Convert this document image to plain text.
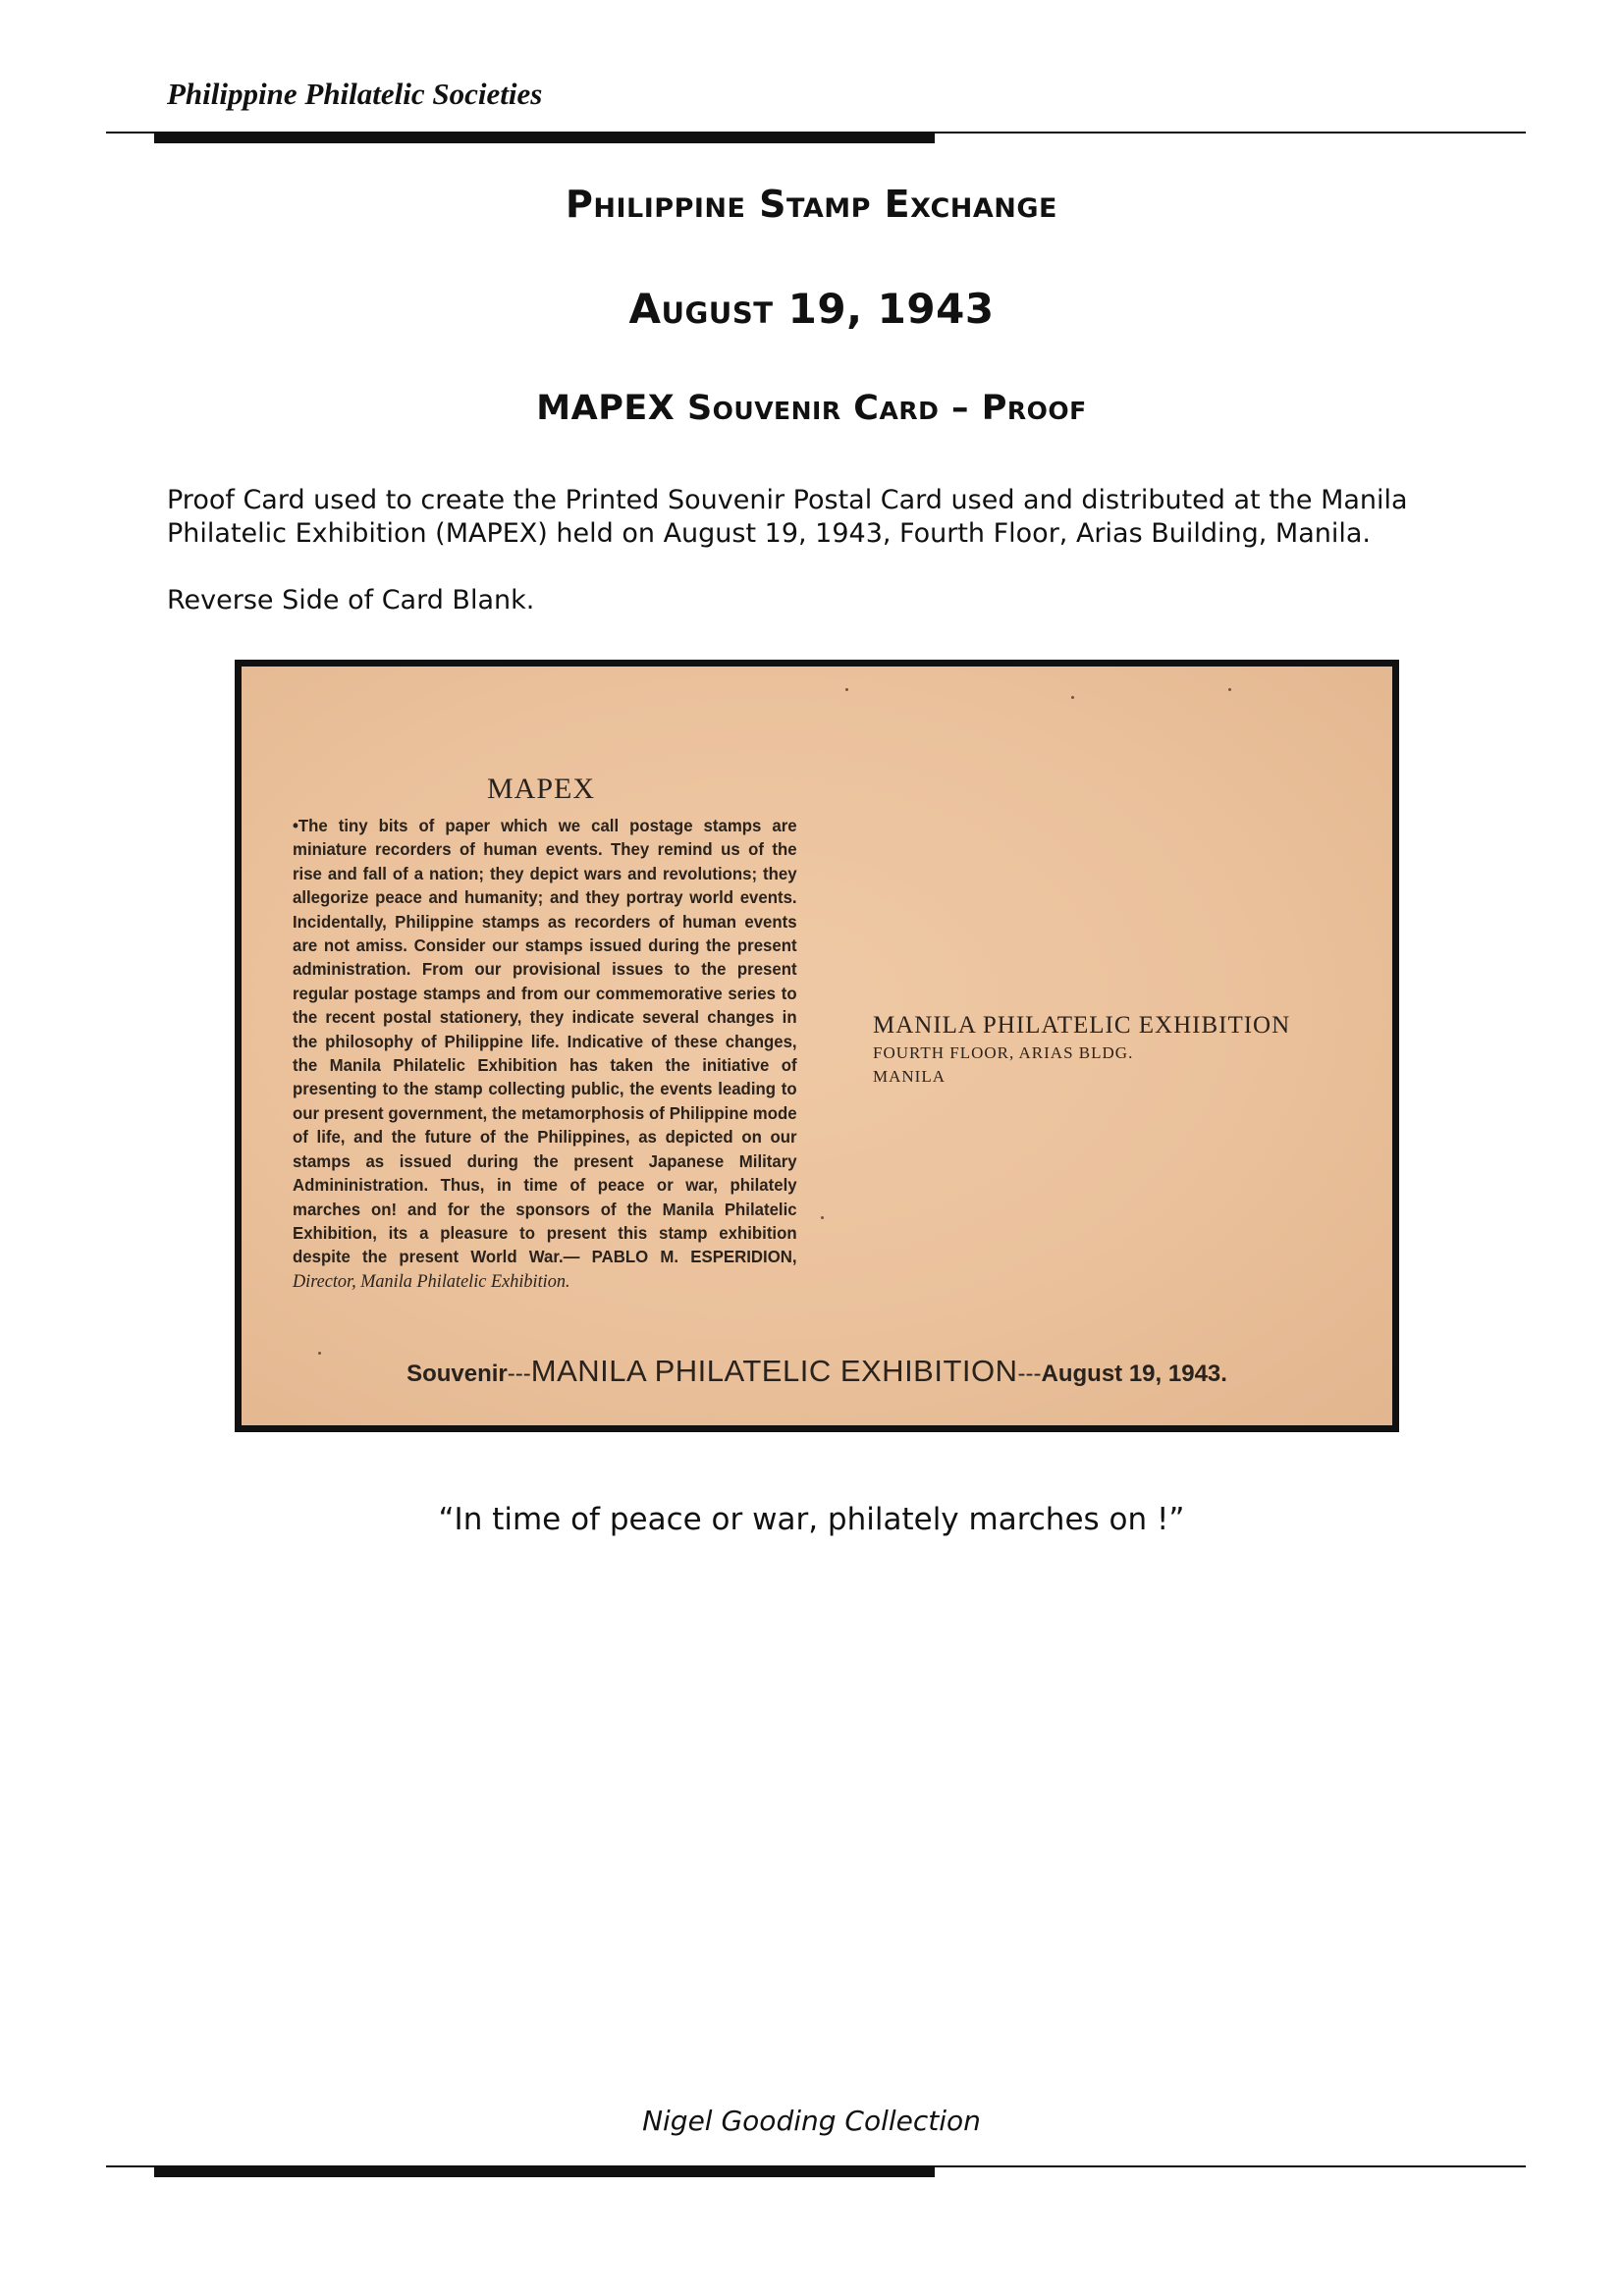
Philippine Philatelic Societies
Philippine Stamp Exchange
August 19, 1943
MAPEX Souvenir Card – Proof
Proof Card used to create the Printed Souvenir Postal Card used and distributed at the Manila Philatelic Exhibition (MAPEX) held on August 19, 1943, Fourth Floor, Arias Building, Manila.
Reverse Side of Card Blank.
MAPEX
•The tiny bits of paper which we call postage stamps are miniature recorders of human events. They remind us of the rise and fall of a nation; they depict wars and revolutions; they allegorize peace and humanity; and they portray world events. Incidentally, Philippine stamps as recorders of human events are not amiss. Consider our stamps issued during the present administration. From our provisional issues to the present regular postage stamps and from our commemorative series to the recent postal stationery, they indicate several changes in the philosophy of Philippine life. Indicative of these changes, the Manila Philatelic Exhibition has taken the initiative of presenting to the stamp collecting public, the events leading to our present government, the metamorphosis of Philippine mode of life, and the future of the Philippines, as depicted on our stamps as issued during the present Japanese Military Admininistration. Thus, in time of peace or war, philately marches on! and for the sponsors of the Manila Philatelic Exhibition, its a pleasure to present this stamp exhibition despite the present World War.— PABLO M. ESPERIDION, Director, Manila Philatelic Exhibition.
MANILA PHILATELIC EXHIBITION
FOURTH FLOOR, ARIAS BLDG.
MANILA
Souvenir---MANILA PHILATELIC EXHIBITION---August 19, 1943.
“In time of peace or war, philately marches on !”
Nigel Gooding Collection
